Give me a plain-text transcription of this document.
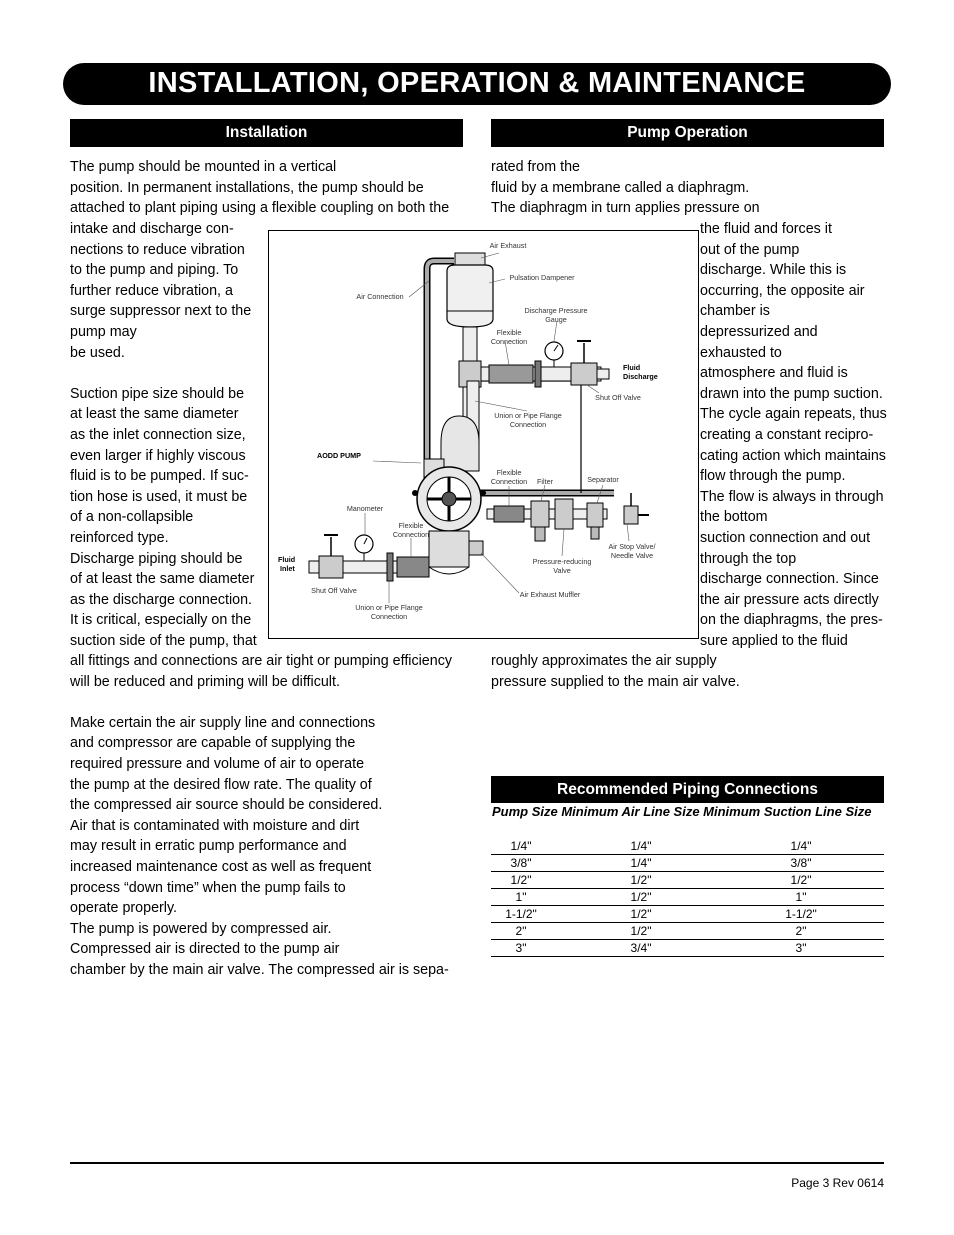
INSTALLATION, OPERATION & MAINTENANCE
Installation	Pump Operation
The pump should be mounted in a vertical
position. In permanent installations, the pump should be
attached to plant piping using a flexible coupling on both the
intake and discharge con-
nections to reduce vibration
to the pump and piping. To
further reduce vibration, a
surge suppressor next to the
pump may
be used.
Suction pipe size should be
at least the same diameter
as the inlet connection size,
even larger if highly viscous
fluid is to be pumped. If suc-
tion hose is used, it must be
of a non-collapsible
reinforced type.
Discharge piping should be
of at least the same diameter
as the discharge connection.
It is critical, especially on the
suction side of the pump, that
all fittings and connections are air tight or pumping efficiency
will be reduced and priming will be difficult.
Make certain the air supply line and connections
and compressor are capable of supplying the
required pressure and volume of air to operate
the pump at the desired flow rate. The quality of
the compressed air source should be considered.
Air that is contaminated with moisture and dirt
may result in erratic pump performance and
increased maintenance cost as well as frequent
process “down time” when the pump fails to
operate properly.
The pump is powered by compressed air.
Compressed air is directed to the pump air
chamber by the main air valve. The compressed air is sepa-
rated from the
fluid by a membrane called a diaphragm.
The diaphragm in turn applies pressure on
the fluid and forces it
out of the pump
discharge. While this is
occurring, the opposite air
chamber is
depressurized and
exhausted to
atmosphere and fluid is
drawn into the pump suction.
The cycle again repeats, thus
creating a constant recipro-
cating action which maintains
flow through the pump.
The flow is always in through
the bottom
suction connection and out
through the top
discharge connection. Since
the air pressure acts directly
on the diaphragms, the pres-
sure applied to the fluid
roughly approximates the air supply
pressure supplied to the main air valve.
Air Exhaust
Pulsation Dampener
Air Connection
Discharge Pressure
Gauge
Flexible
Connection
Fluid
Discharge
Shut Off Valve
Union or Pipe Flange
Connection
AODD PUMP
Flexible
Connection Filter	Separator
Manometer
Flexible
Connection
Air Stop Valve/
Needle Valve
Fluid
Inlet
Pressure-reducing
Valve
Shut Off Valve	Air Exhaust Muffler
Union or Pipe Flange
Connection
Recommended Piping Connections
Pump Size Minimum Air Line Size Minimum Suction Line Size
1/4"	1/4"	1/4"
3/8"	1/4"	3/8"
1/2"	1/2"	1/2"
1"	1/2"	1"
1-1/2"	1/2"	1-1/2"
2"	1/2"	2"
3"	3/4"	3"
Page 3 Rev 0614
